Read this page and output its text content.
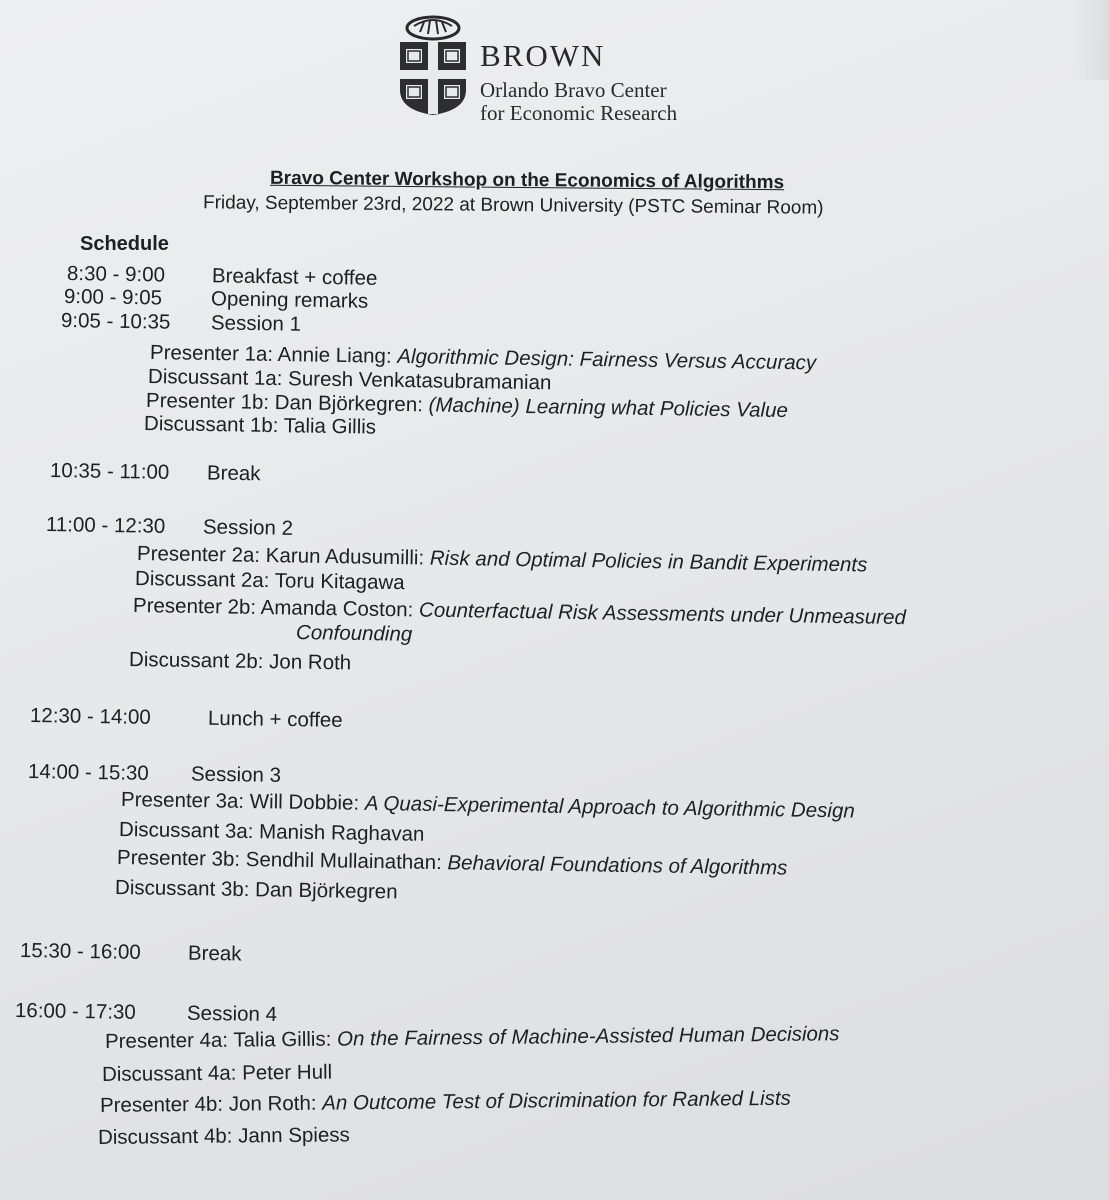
BROWN
Orlando Bravo Center
for Economic Research
Bravo Center Workshop on the Economics of Algorithms
Friday, September 23rd, 2022 at Brown University (PSTC Seminar Room)
Schedule
8:30 - 9:00 Breakfast + coffee
9:00 - 9:05 Opening remarks
9:05 - 10:35 Session 1
Presenter 1a: Annie Liang: Algorithmic Design: Fairness Versus Accuracy
Discussant 1a: Suresh Venkatasubramanian
Presenter 1b: Dan Björkegren: (Machine) Learning what Policies Value
Discussant 1b: Talia Gillis
10:35 - 11:00 Break
11:00 - 12:30 Session 2
Presenter 2a: Karun Adusumilli: Risk and Optimal Policies in Bandit Experiments
Discussant 2a: Toru Kitagawa
Presenter 2b: Amanda Coston: Counterfactual Risk Assessments under Unmeasured
Confounding
Discussant 2b: Jon Roth
12:30 - 14:00	Lunch + coffee
14:00 - 15:30 Session 3
Presenter 3a: Will Dobbie: A Quasi-Experimental Approach to Algorithmic Design
Discussant 3a: Manish Raghavan
Presenter 3b: Sendhil Mullainathan: Behavioral Foundations of Algorithms
Discussant 3b: Dan Björkegren
15:30 - 16:00 Break
16:00 - 17:30 Session 4
Presenter 4a: Talia Gillis: On the Fairness of Machine-Assisted Human Decisions
Discussant 4a: Peter Hull
Presenter 4b: Jon Roth: An Outcome Test of Discrimination for Ranked Lists
Discussant 4b: Jann Spiess
